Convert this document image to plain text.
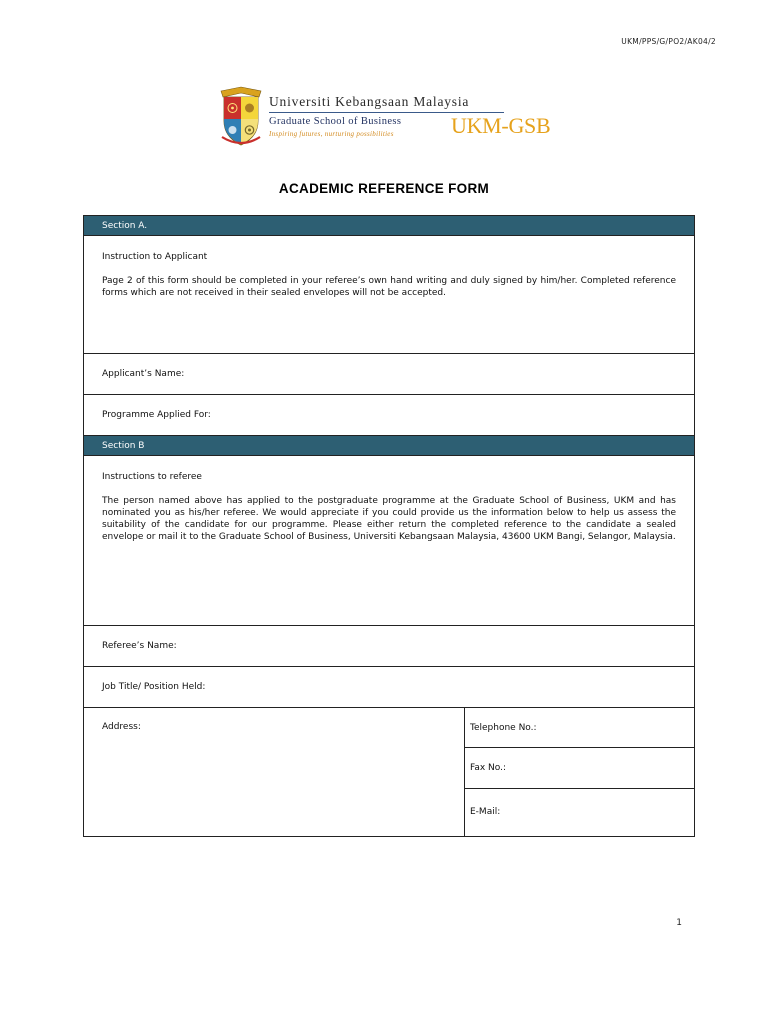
UKM/PPS/G/PO2/AK04/2
Universiti Kebangsaan Malaysia
Graduate School of Business
Inspiring futures, nurturing possibilities	UKM-GSB
ACADEMIC REFERENCE FORM
Section A.
Instruction to Applicant
Page 2 of this form should be completed in your referee’s own hand writing and duly signed by him/her. Completed reference forms which are not received in their sealed envelopes will not be accepted.
Applicant’s Name:
Programme Applied For:
Section B
Instructions to referee
The person named above has applied to the postgraduate programme at the Graduate School of Business, UKM and has nominated you as his/her referee. We would appreciate if you could provide us the information below to help us assess the suitability of the candidate for our programme. Please either return the completed reference to the candidate a sealed envelope or mail it to the Graduate School of Business, Universiti Kebangsaan Malaysia, 43600 UKM Bangi, Selangor, Malaysia.
Referee’s Name:
Job Title/ Position Held:
Address:	Telephone No.:
Fax No.:
E-Mail:
1
